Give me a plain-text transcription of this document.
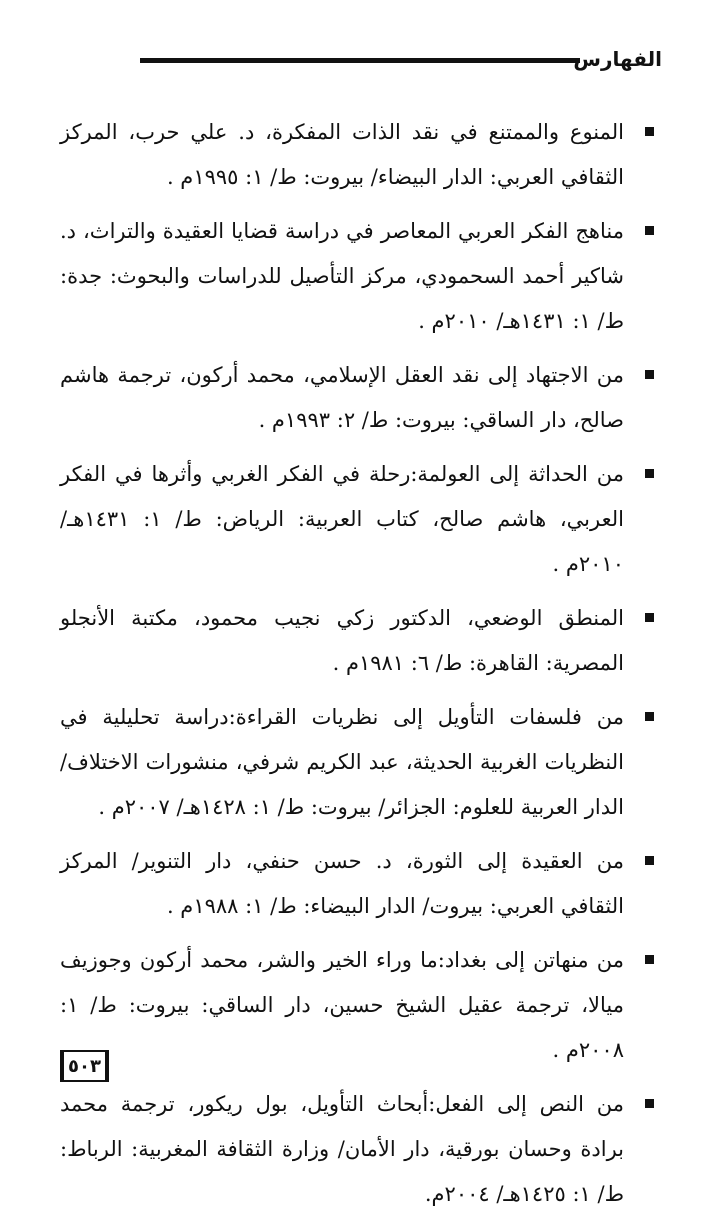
الفهارس
المنوع والممتنع في نقد الذات المفكرة، د. علي حرب، المركز الثقافي العربي: الدار البيضاء/ بيروت: ط/ ١: ١٩٩٥م .
مناهج الفكر العربي المعاصر في دراسة قضايا العقيدة والتراث، د. شاكير أحمد السحمودي، مركز التأصيل للدراسات والبحوث: جدة: ط/ ١: ١٤٣١هـ/ ٢٠١٠م .
من الاجتهاد إلى نقد العقل الإسلامي، محمد أركون، ترجمة هاشم صالح، دار الساقي: بيروت: ط/ ٢: ١٩٩٣م .
من الحداثة إلى العولمة:رحلة في الفكر الغربي وأثرها في الفكر العربي، هاشم صالح، كتاب العربية: الرياض: ط/ ١: ١٤٣١هـ/ ٢٠١٠م .
المنطق الوضعي، الدكتور زكي نجيب محمود، مكتبة الأنجلو المصرية: القاهرة: ط/ ٦: ١٩٨١م .
من فلسفات التأويل إلى نظريات القراءة:دراسة تحليلية في النظريات الغربية الحديثة، عبد الكريم شرفي، منشورات الاختلاف/ الدار العربية للعلوم: الجزائر/ بيروت: ط/ ١: ١٤٢٨هـ/ ٢٠٠٧م .
من العقيدة إلى الثورة، د. حسن حنفي، دار التنوير/ المركز الثقافي العربي: بيروت/ الدار البيضاء: ط/ ١: ١٩٨٨م .
من منهاتن إلى بغداد:ما وراء الخير والشر، محمد أركون وجوزيف ميالا، ترجمة عقيل الشيخ حسين، دار الساقي: بيروت: ط/ ١: ٢٠٠٨م .
من النص إلى الفعل:أبحاث التأويل، بول ريكور، ترجمة محمد برادة وحسان بورقية، دار الأمان/ وزارة الثقافة المغربية: الرباط: ط/ ١: ١٤٢٥هـ/ ٢٠٠٤م.
٥٠٣
